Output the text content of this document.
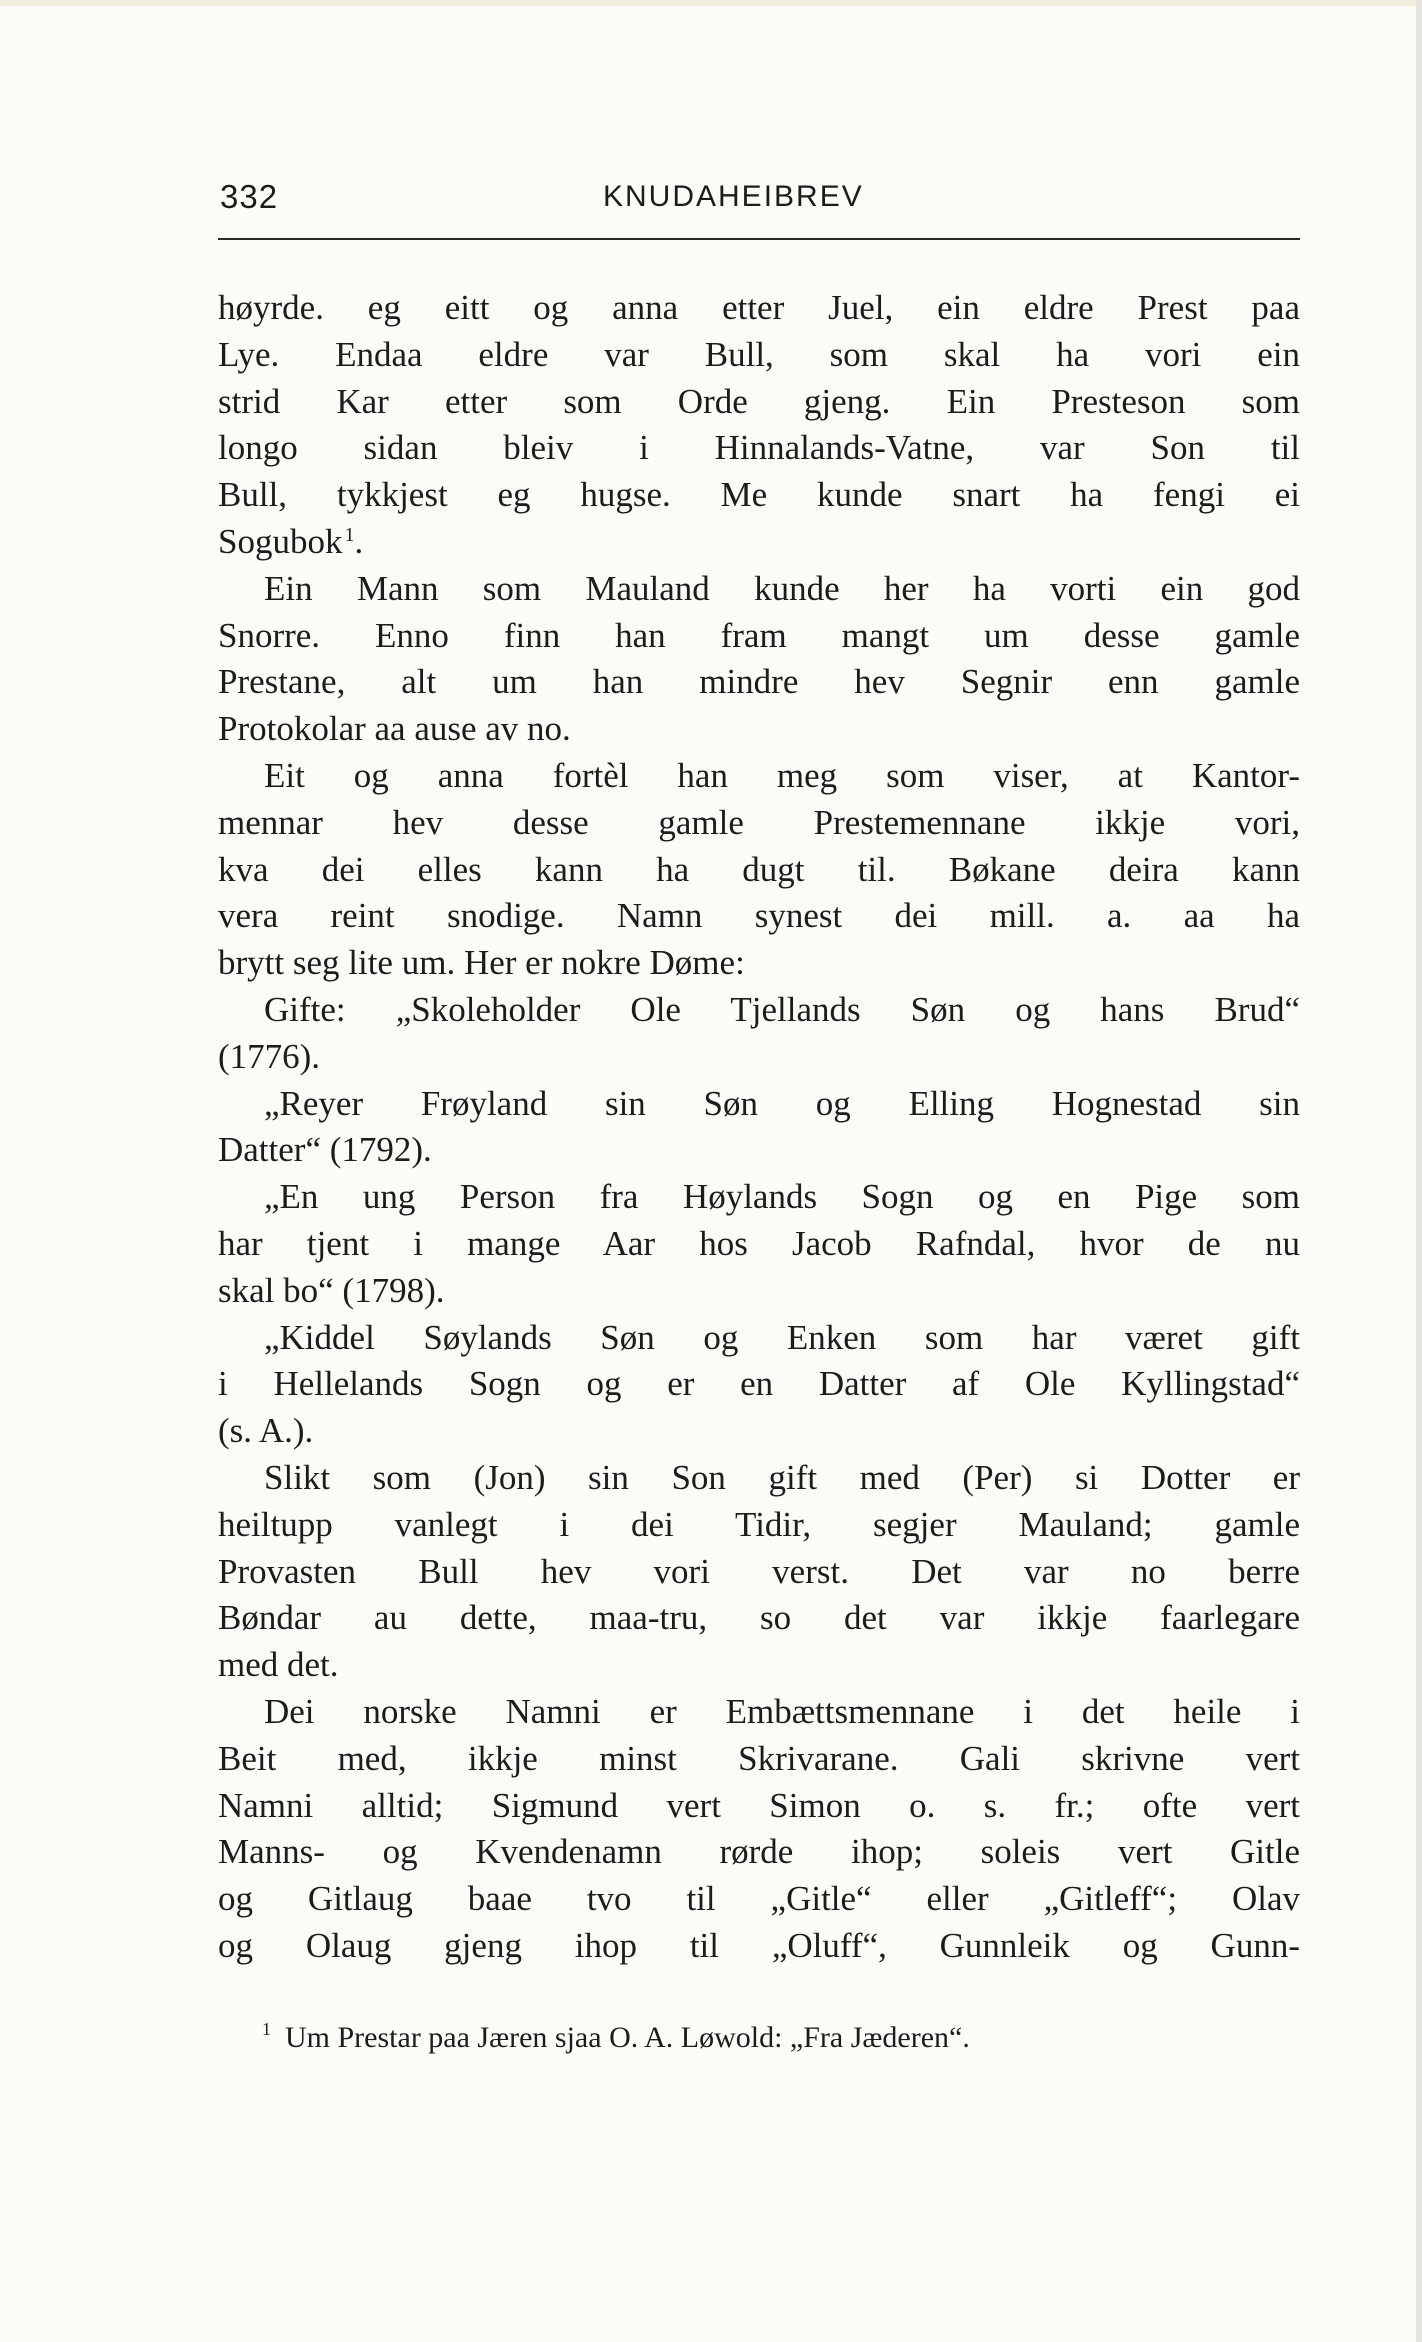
332	KNUDAHEIBREV
høyrde. eg eitt og anna etter Juel, ein eldre Prest paa
Lye. Endaa eldre var Bull, som skal ha vori ein
strid Kar etter som Orde gjeng. Ein Presteson som
longo sidan bleiv i Hinnalands-Vatne, var Son til
Bull, tykkjest eg hugse. Me kunde snart ha fengi ei
Sogubok $^1$.
Ein Mann som Mauland kunde her ha vorti ein god
Snorre. Enno finn han fram mangt um desse gamle
Prestane, alt um han mindre hev Segnir enn gamle
Protokolar aa ause av no.
Eit og anna fortèl han meg som viser, at Kantor-
mennar hev desse gamle Prestemennane ikkje vori,
kva dei elles kann ha dugt til. Bøkane deira kann
vera reint snodige. Namn synest dei mill. a. aa ha
brytt seg lite um. Her er nokre Døme:
Gifte: „Skoleholder Ole Tjellands Søn og hans Brud“
(1776).
„Reyer Frøyland sin Søn og Elling Hognestad sin
Datter“ (1792).
„En ung Person fra Høylands Sogn og en Pige som
har tjent i mange Aar hos Jacob Rafndal, hvor de nu
skal bo“ (1798).
„Kiddel Søylands Søn og Enken som har været gift
i Hellelands Sogn og er en Datter af Ole Kyllingstad“
(s. A.).
Slikt som (Jon) sin Son gift med (Per) si Dotter er
heiltupp vanlegt i dei Tidir, segjer Mauland; gamle
Provasten Bull hev vori verst. Det var no berre
Bøndar au dette, maa-tru, so det var ikkje faarlegare
med det.
Dei norske Namni er Embættsmennane i det heile i
Beit med, ikkje minst Skrivarane. Gali skrivne vert
Namni alltid; Sigmund vert Simon o. s. fr.; ofte vert
Manns- og Kvendenamn rørde ihop; soleis vert Gitle
og Gitlaug baae tvo til „Gitle“ eller „Gitleff“; Olav
og Olaug gjeng ihop til „Oluff“, Gunnleik og Gunn-
$^1$ Um Prestar paa Jæren sjaa O. A. Løwold: „Fra Jæderen“.
